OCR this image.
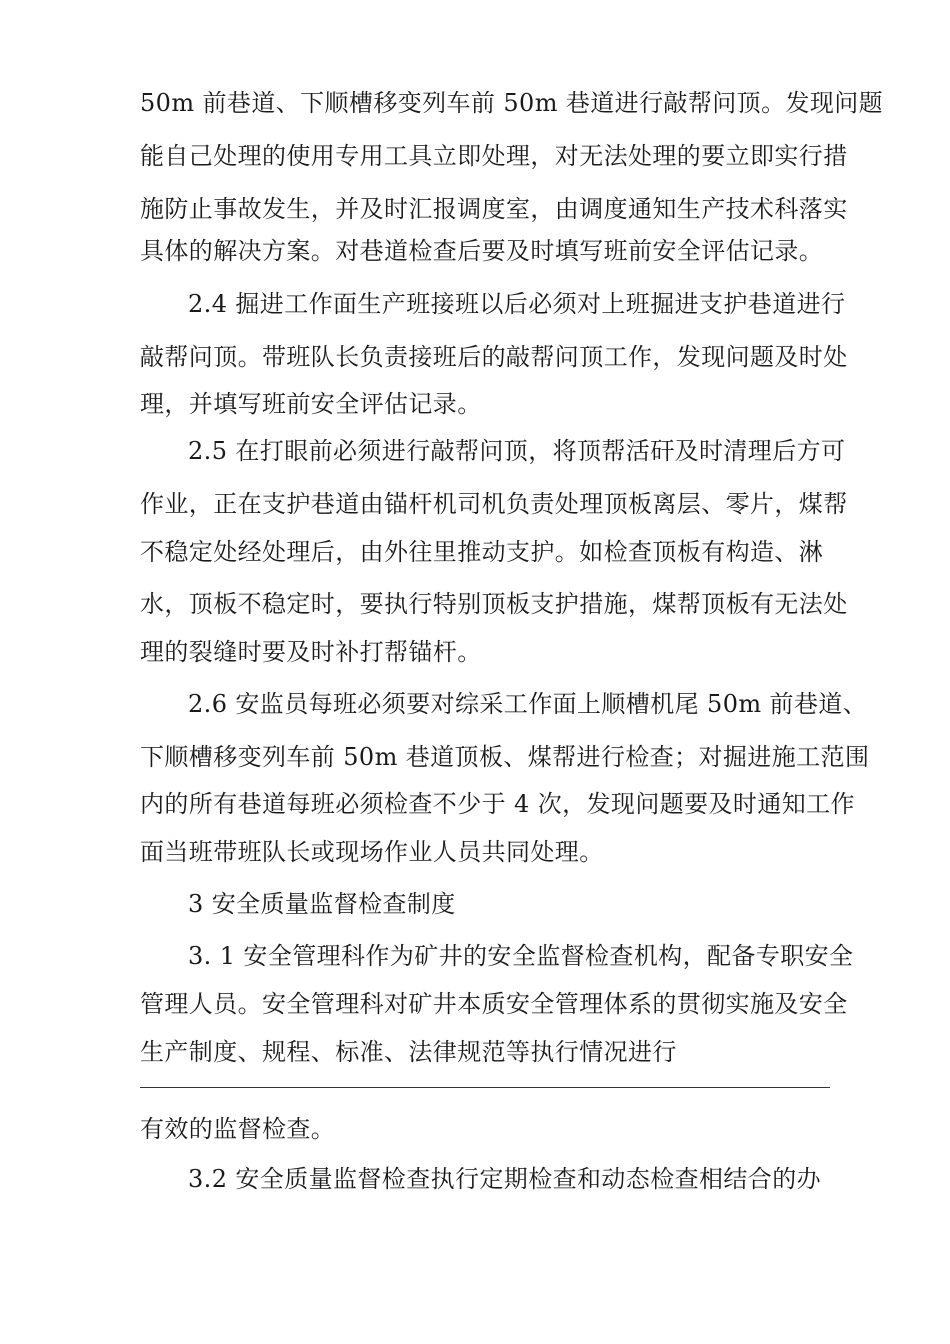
50m 前巷道、下顺槽移变列车前 50m 巷道进行敲帮问顶。发现问题
能自己处理的使用专用工具立即处理，对无法处理的要立即实行措
施防止事故发生，并及时汇报调度室，由调度通知生产技术科落实
具体的解决方案。对巷道检查后要及时填写班前安全评估记录。
2.4 掘进工作面生产班接班以后必须对上班掘进支护巷道进行
敲帮问顶。带班队长负责接班后的敲帮问顶工作，发现问题及时处
理，并填写班前安全评估记录。
2.5 在打眼前必须进行敲帮问顶，将顶帮活矸及时清理后方可
作业，正在支护巷道由锚杆机司机负责处理顶板离层、零片，煤帮
不稳定处经处理后，由外往里推动支护。如检查顶板有构造、淋
水，顶板不稳定时，要执行特别顶板支护措施，煤帮顶板有无法处
理的裂缝时要及时补打帮锚杆。
2.6 安监员每班必须要对综采工作面上顺槽机尾 50m 前巷道、
下顺槽移变列车前 50m 巷道顶板、煤帮进行检查；对掘进施工范围
内的所有巷道每班必须检查不少于 4 次，发现问题要及时通知工作
面当班带班队长或现场作业人员共同处理。
3 安全质量监督检查制度
3. 1 安全管理科作为矿井的安全监督检查机构，配备专职安全
管理人员。安全管理科对矿井本质安全管理体系的贯彻实施及安全
生产制度、规程、标准、法律规范等执行情况进行
有效的监督检查。
3.2 安全质量监督检查执行定期检查和动态检查相结合的办
